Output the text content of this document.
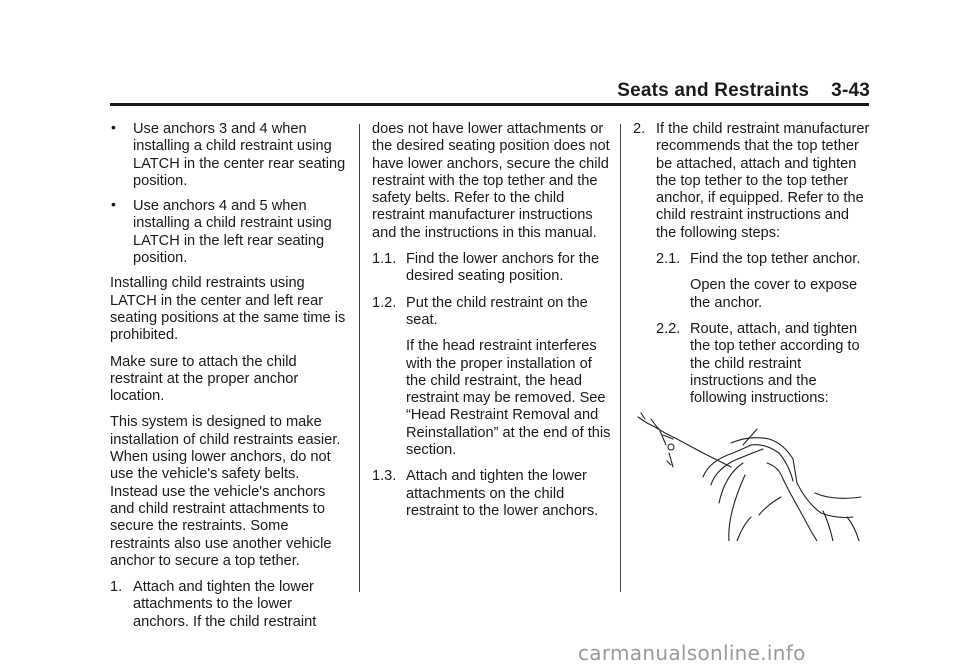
Seats and Restraints 3-43
• Use anchors 3 and 4 when installing a child restraint using LATCH in the center rear seating position.
• Use anchors 4 and 5 when installing a child restraint using LATCH in the left rear seating position.

Installing child restraints using LATCH in the center and left rear seating positions at the same time is prohibited.

Make sure to attach the child restraint at the proper anchor location.

This system is designed to make installation of child restraints easier. When using lower anchors, do not use the vehicle's safety belts. Instead use the vehicle's anchors and child restraint attachments to secure the restraints. Some restraints also use another vehicle anchor to secure a top tether.

1. Attach and tighten the lower attachments to the lower anchors. If the child restraint

does not have lower attachments or the desired seating position does not have lower anchors, secure the child restraint with the top tether and the safety belts. Refer to the child restraint manufacturer instructions and the instructions in this manual.

1.1. Find the lower anchors for the desired seating position.
1.2. Put the child restraint on the seat.

If the head restraint interferes with the proper installation of the child restraint, the head restraint may be removed. See “Head Restraint Removal and Reinstallation” at the end of this section.

1.3. Attach and tighten the lower attachments on the child restraint to the lower anchors.
2. If the child restraint manufacturer recommends that the top tether be attached, attach and tighten the top tether to the top tether anchor, if equipped. Refer to the child restraint instructions and the following steps:
2.1. Find the top tether anchor.

Open the cover to expose the anchor.

2.2. Route, attach, and tighten the top tether according to the child restraint instructions and the following instructions:
carmanualsonline.info
